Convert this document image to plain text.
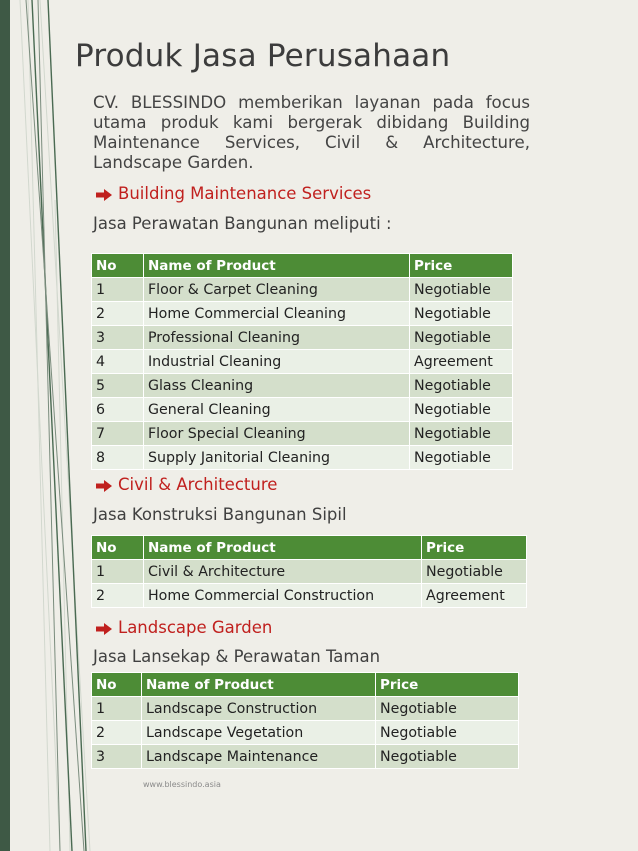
Produk Jasa Perusahaan

CV. BLESSINDO memberikan layanan pada focus utama produk kami bergerak dibidang Building Maintenance Services, Civil & Architecture, Landscape Garden.

Building Maintenance Services
Jasa Perawatan Bangunan meliputi :
No	Name of Product	Price
1	Floor & Carpet Cleaning	Negotiable
2	Home Commercial Cleaning	Negotiable
3	Professional Cleaning	Negotiable
4	Industrial Cleaning	Agreement
5	Glass Cleaning	Negotiable
6	General Cleaning	Negotiable
7	Floor Special Cleaning	Negotiable
8	Supply Janitorial Cleaning	Negotiable
Civil & Architecture
Jasa Konstruksi Bangunan Sipil
No	Name of Product	Price
1	Civil & Architecture	Negotiable
2	Home Commercial Construction	Agreement
Landscape Garden
Jasa Lansekap & Perawatan Taman
No	Name of Product	Price
1	Landscape Construction	Negotiable
2	Landscape Vegetation	Negotiable
3	Landscape Maintenance	Negotiable
www.blessindo.asia
